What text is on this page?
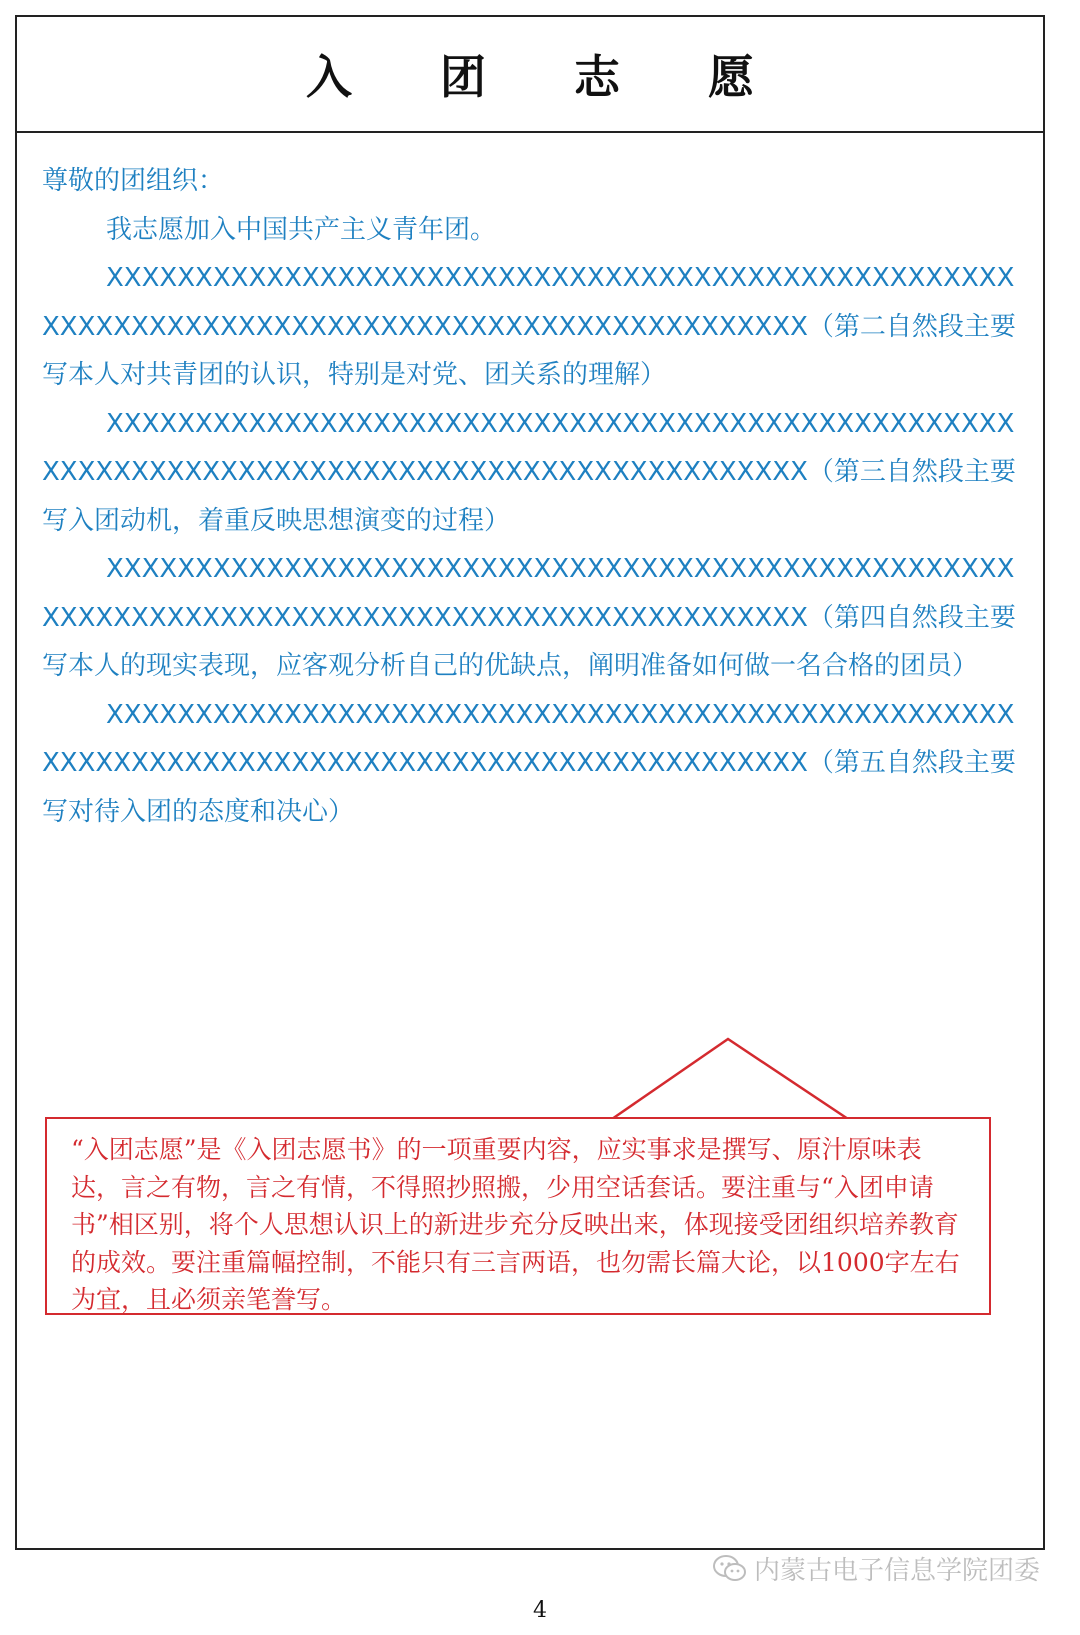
入 团 志 愿

尊敬的团组织：

我志愿加入中国共产主义青年团。

XXXXXXXXXXXXXXXXXXXXXXXXXXXXXXXXXXXXXXXXXXXXXXXXXXXXXXXXXXXXXXXXXXXXXXXXXXXXXXXXXXXXXXXXXXXXXX（第二自然段主要写本人对共青团的认识，特别是对党、团关系的理解）

XXXXXXXXXXXXXXXXXXXXXXXXXXXXXXXXXXXXXXXXXXXXXXXXXXXXXXXXXXXXXXXXXXXXXXXXXXXXXXXXXXXXXXXXXXXXXX（第三自然段主要写入团动机，着重反映思想演变的过程）

XXXXXXXXXXXXXXXXXXXXXXXXXXXXXXXXXXXXXXXXXXXXXXXXXXXXXXXXXXXXXXXXXXXXXXXXXXXXXXXXXXXXXXXXXXXXXX（第四自然段主要写本人的现实表现，应客观分析自己的优缺点，阐明准备如何做一名合格的团员）

XXXXXXXXXXXXXXXXXXXXXXXXXXXXXXXXXXXXXXXXXXXXXXXXXXXXXXXXXXXXXXXXXXXXXXXXXXXXXXXXXXXXXXXXXXXXXX（第五自然段主要写对待入团的态度和决心）

“入团志愿”是《入团志愿书》的一项重要内容，应实事求是撰写、原汁原味表达，言之有物，言之有情，不得照抄照搬，少用空话套话。要注重与“入团申请书”相区别，将个人思想认识上的新进步充分反映出来，体现接受团组织培养教育的成效。要注重篇幅控制，不能只有三言两语，也勿需长篇大论，以1000字左右为宜，且必须亲笔誊写。

内蒙古电子信息学院团委
4
